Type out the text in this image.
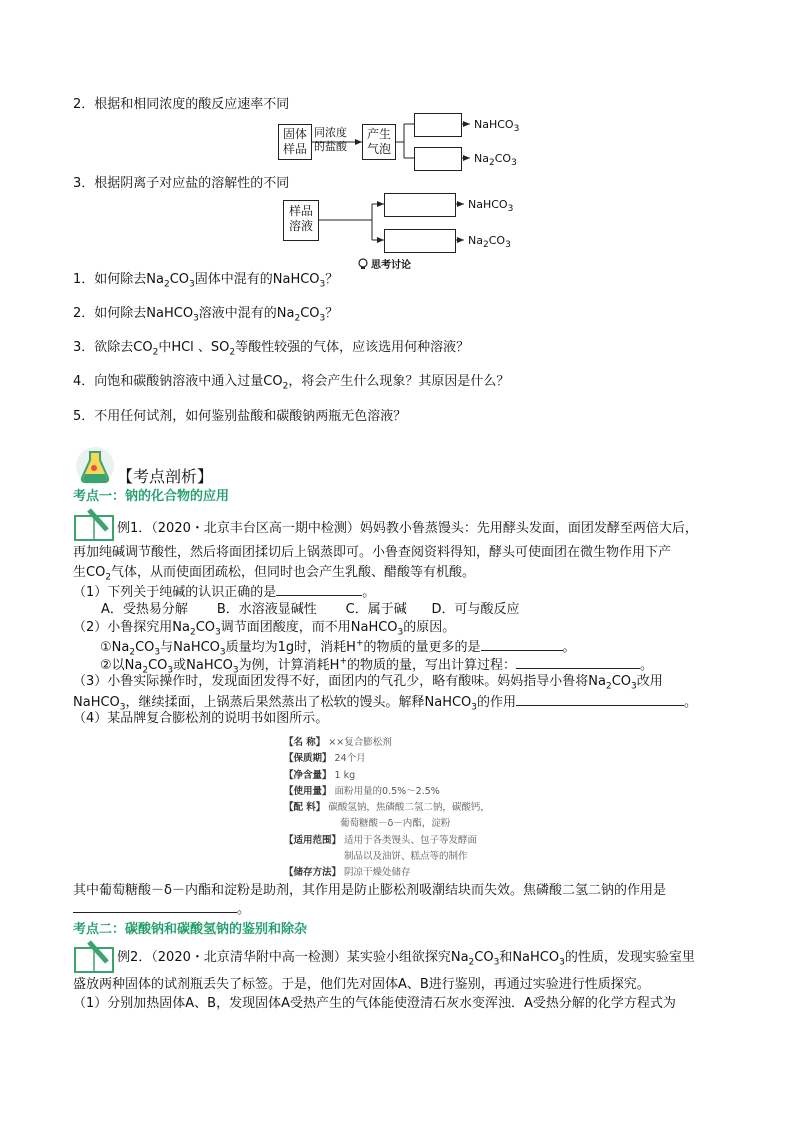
2．根据和相同浓度的酸反应速率不同
固体
样品
同浓度
的盐酸
产生
气泡
NaHCO$_3$
$Na_2CO_3$
3．根据阴离子对应盐的溶解性的不同
样品
溶液
NaHCO$_3$
$Na_2CO_3$
思考讨论
1．如何除去$Na_2CO_3$固体中混有的NaHCO$_3$？
2．如何除去NaHCO$_3$溶液中混有的$Na_2CO_3$？
3．欲除去$CO_2$中HCl 、$SO_2$等酸性较强的气体，应该选用何种溶液？
4．向饱和碳酸钠溶液中通入过量$CO_2$，将会产生什么现象？其原因是什么？
5．不用任何试剂，如何鉴别盐酸和碳酸钠两瓶无色溶液？
【考点剖析】
考点一：钠的化合物的应用
例1．（2020・北京丰台区高一期中检测）妈妈教小鲁蒸馒头：先用酵头发面，面团发酵至两倍大后，
再加纯碱调节酸性，然后将面团揉切后上锅蒸即可。小鲁查阅资料得知，酵头可使面团在微生物作用下产
生$CO_2$气体，从而使面团疏松，但同时也会产生乳酸、醋酸等有机酸。
（1）下列关于纯碱的认识正确的是	。
A．受热易分解       B．水溶液显碱性       C．属于碱      D．可与酸反应
（2）小鲁探究用$Na_2CO_3$调节面团酸度，而不用NaHCO$_3$的原因。
$①Na_2CO_3$与NaHCO$_3$质量均为1g时，消耗H+的物质的量更多的是	。
②以$Na_2CO_3$或NaHCO$_3$为例，计算消耗H+的物质的量，写出计算过程：	。
（3）小鲁实际操作时，发现面团发得不好，面团内的气孔少，略有酸味。妈妈指导小鲁将$Na_2CO_3$改用
NaHCO$_3$，继续揉面，上锅蒸后果然蒸出了松软的馒头。解释NaHCO$_3$的作用	。
（4）某品牌复合膨松剂的说明书如图所示。
【名 称】 ××复合膨松剂
【保质期】 24个月
【净含量】 1 kg
【使用量】 面粉用量的0.5%～2.5%
【配 料】 碳酸氢钠，焦磷酸二氢二钠，碳酸钙，
葡萄糖酸－δ－内酯，淀粉
【适用范围】 适用于各类馒头、包子等发酵面
制品以及油饼、糕点等的制作
【储存方法】 阴凉干燥处储存
其中葡萄糖酸－δ－内酯和淀粉是助剂，其作用是防止膨松剂吸潮结块而失效。焦磷酸二氢二钠的作用是
。
考点二：碳酸钠和碳酸氢钠的鉴别和除杂
例2．（2020・北京清华附中高一检测）某实验小组欲探究$Na_2CO_3$和NaHCO$_3$的性质，发现实验室里
盛放两种固体的试剂瓶丢失了标签。于是，他们先对固体A、B进行鉴别，再通过实验进行性质探究。
（1）分别加热固体A、B，发现固体A受热产生的气体能使澄清石灰水变浑浊．A受热分解的化学方程式为
